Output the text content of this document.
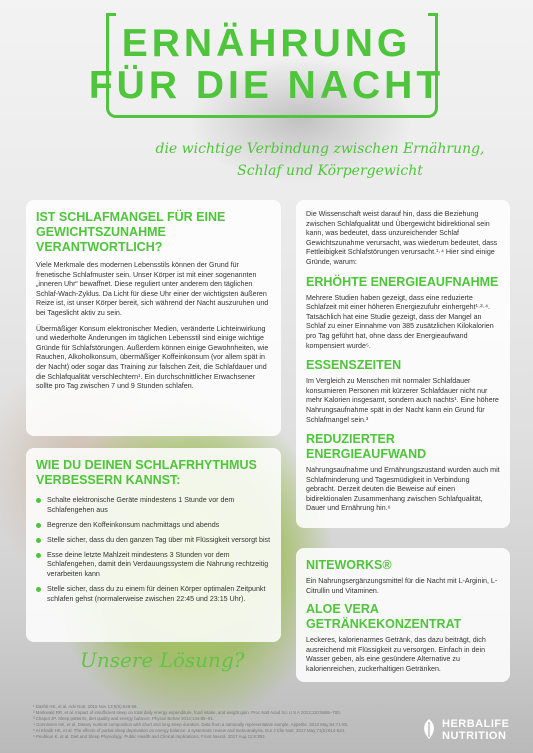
ERNÄHRUNG
FÜR DIE NACHT
die wichtige Verbindung zwischen Ernährung,
Schlaf und Körpergewicht
IST SCHLAFMANGEL FÜR EINE GEWICHTSZUNAHME VERANTWORTLICH?

Viele Merkmale des modernen Lebensstils können der Grund für frenetische Schlafmuster sein. Unser Körper ist mit einer sogenannten „inneren Uhr“ bewaffnet. Diese reguliert unter anderem den täglichen Schlaf-Wach-Zyklus. Da Licht für diese Uhr einer der wichtigsten äußeren Reize ist, ist unser Körper bereit, sich während der Nacht auszuruhen und bei Tageslicht aktiv zu sein.

Übermäßiger Konsum elektronischer Medien, veränderte Lichteinwirkung und wiederholte Änderungen im täglichen Lebensstil sind einige wichtige Gründe für Schlafstörungen. Außerdem können einige Gewohnheiten, wie Rauchen, Alkoholkonsum, übermäßiger Koffeinkonsum (vor allem spät in der Nacht) oder sogar das Training zur falschen Zeit, die Schlafdauer und die Schlafqualität verschlechtern¹. Ein durchschnittlicher Erwachsener sollte pro Tag zwischen 7 und 9 Stunden schlafen.

WIE DU DEINEN SCHLAFRHYTHMUS VERBESSERN KANNST:
Schalte elektronische Geräte mindestens 1 Stunde vor dem Schlafengehen aus
Begrenze den Koffeinkonsum nachmittags und abends
Stelle sicher, dass du den ganzen Tag über mit Flüssigkeit versorgt bist
Esse deine letzte Mahlzeit mindestens 3 Stunden vor dem Schlafengehen, damit dein Verdauungssystem die Nahrung rechtzeitig verarbeiten kann
Stelle sicher, dass du zu einem für deinen Körper optimalen Zeitpunkt schlafen gehst (normalerweise zwischen 22:45 und 23:15 Uhr).

Die Wissenschaft weist darauf hin, dass die Beziehung zwischen Schlafqualität und Übergewicht bidirektional sein kann, was bedeutet, dass unzureichender Schlaf Gewichtszunahme verursacht, was wiederum bedeutet, dass Fettleibigkeit Schlafstörungen verursacht.¹·⁴ Hier sind einige Gründe, warum:

ERHÖHTE ENERGIEAUFNAHME

Mehrere Studien haben gezeigt, dass eine reduzierte Schlafzeit mit einer höheren Energiezufuhr einhergeht¹·²·⁴. Tatsächlich hat eine Studie gezeigt, dass der Mangel an Schlaf zu einer Einnahme von 385 zusätzlichen Kilokalorien pro Tag geführt hat, ohne dass der Energieaufwand kompensiert wurde⁵.

ESSENSZEITEN

Im Vergleich zu Menschen mit normaler Schlafdauer konsumieren Personen mit kürzerer Schlafdauer nicht nur mehr Kalorien insgesamt, sondern auch nachts¹. Eine höhere Nahrungsaufnahme spät in der Nacht kann ein Grund für Schlafmangel sein.³

REDUZIERTER ENERGIEAUFWAND

Nahrungsaufnahme und Ernährungszustand wurden auch mit Schlafminderung und Tagesmüdigkeit in Verbindung gebracht. Derzeit deuten die Beweise auf einen bidirektionalen Zusammenhang zwischen Schlafqualität, Dauer und Ernährung hin.⁶

NITEWORKS®

Ein Nahrungsergänzungsmittel für die Nacht mit L-Arginin, L-Citrullin und Vitaminen.

ALOE VERA GETRÄNKEKONZENTRAT

Leckeres, kalorienarmes Getränk, das dazu beiträgt, dich ausreichend mit Flüssigkeit zu versorgen. Einfach in dein Wasser geben, als eine gesündere Alternative zu kalorienreichen, zuckerhaltigen Getränken.

Unsere Lösung?
¹ Dashti HS, et al. Adv Nutr. 2015 Nov 13;6(6):648-59.
² Markwald RR, et al. Impact of insufficient sleep on total daily energy expenditure, food intake, and weight gain. Proc Natl Acad Sci U S A 2013;110:5695–700.
³ Chaput JP. Sleep patterns, diet quality and energy balance. Physiol Behav 2014;134:86–91.
⁴ Gonnissen HK, et al. Dietary nutrient composition with short and long sleep duration. Data from a nationally representative sample. Appetite. 2013 May;64:71-80.
⁵ Al Khatib HK, et al. The effects of partial sleep deprivation on energy balance: a systematic review and meta-analysis. Eur J Clin Nutr. 2017 May;71(5):614-624.
⁶ Peuhkuri K, et al. Diet and Sleep Physiology: Public Health and Clinical Implications. Front Neurol. 2017 Aug 11;8:393.
HERBALIFE
NUTRITION
